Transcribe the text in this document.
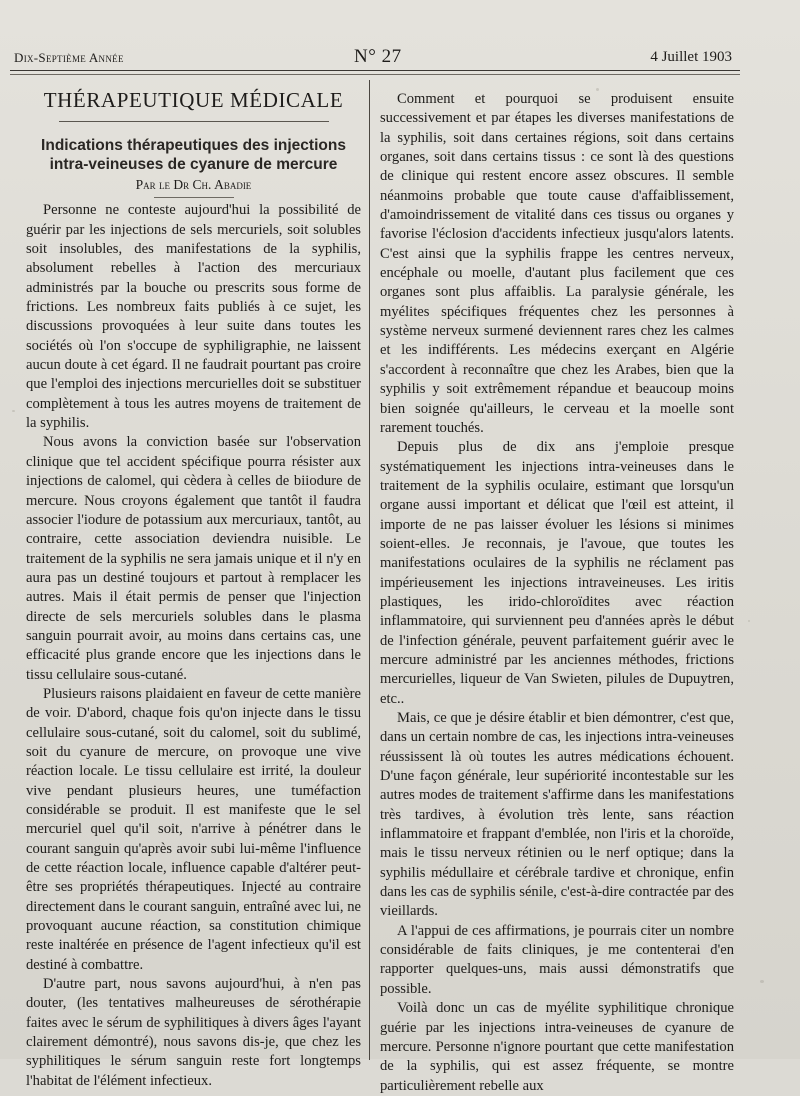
Dix-Septième Année	N° 27	4 Juillet 1903
THÉRAPEUTIQUE MÉDICALE
Indications thérapeutiques des injections
intra-veineuses de cyanure de mercure
Par le Dr Ch. Abadie

Personne ne conteste aujourd'hui la possibilité de guérir par les injections de sels mercuriels, soit solubles soit insolubles, des manifestations de la syphilis, absolument rebelles à l'action des mercuriaux administrés par la bouche ou prescrits sous forme de frictions. Les nombreux faits publiés à ce sujet, les discussions provoquées à leur suite dans toutes les sociétés où l'on s'occupe de syphiligraphie, ne laissent aucun doute à cet égard. Il ne faudrait pourtant pas croire que l'emploi des injections mercurielles doit se substituer complètement à tous les autres moyens de traitement de la syphilis.

Nous avons la conviction basée sur l'observation clinique que tel accident spécifique pourra résister aux injections de calomel, qui cèdera à celles de biiodure de mercure. Nous croyons également que tantôt il faudra associer l'iodure de potassium aux mercuriaux, tantôt, au contraire, cette association deviendra nuisible. Le traitement de la syphilis ne sera jamais unique et il n'y en aura pas un destiné toujours et partout à remplacer les autres. Mais il était permis de penser que l'injection directe de sels mercuriels solubles dans le plasma sanguin pourrait avoir, au moins dans certains cas, une efficacité plus grande encore que les injections dans le tissu cellulaire sous-cutané.

Plusieurs raisons plaidaient en faveur de cette manière de voir. D'abord, chaque fois qu'on injecte dans le tissu cellulaire sous-cutané, soit du calomel, soit du sublimé, soit du cyanure de mercure, on provoque une vive réaction locale. Le tissu cellulaire est irrité, la douleur vive pendant plusieurs heures, une tuméfaction considérable se produit. Il est manifeste que le sel mercuriel quel qu'il soit, n'arrive à pénétrer dans le courant sanguin qu'après avoir subi lui-même l'influence de cette réaction locale, influence capable d'altérer peut-être ses propriétés thérapeutiques. Injecté au contraire directement dans le courant sanguin, entraîné avec lui, ne provoquant aucune réaction, sa constitution chimique reste inaltérée en présence de l'agent infectieux qu'il est destiné à combattre.

D'autre part, nous savons aujourd'hui, à n'en pas douter, (les tentatives malheureuses de sérothérapie faites avec le sérum de syphilitiques à divers âges l'ayant clairement démontré), nous savons dis-je, que chez les syphilitiques le sérum sanguin reste fort longtemps l'habitat de l'élément infectieux.

Comment et pourquoi se produisent ensuite successivement et par étapes les diverses manifestations de la syphilis, soit dans certaines régions, soit dans certains organes, soit dans certains tissus : ce sont là des questions de clinique qui restent encore assez obscures. Il semble néanmoins probable que toute cause d'affaiblissement, d'amoindrissement de vitalité dans ces tissus ou organes y favorise l'éclosion d'accidents infectieux jusqu'alors latents. C'est ainsi que la syphilis frappe les centres nerveux, encéphale ou moelle, d'autant plus facilement que ces organes sont plus affaiblis. La paralysie générale, les myélites spécifiques fréquentes chez les personnes à système nerveux surmené deviennent rares chez les calmes et les indifférents. Les médecins exerçant en Algérie s'accordent à reconnaître que chez les Arabes, bien que la syphilis y soit extrêmement répandue et beaucoup moins bien soignée qu'ailleurs, le cerveau et la moelle sont rarement touchés.

Depuis plus de dix ans j'emploie presque systématiquement les injections intra-veineuses dans le traitement de la syphilis oculaire, estimant que lorsqu'un organe aussi important et délicat que l'œil est atteint, il importe de ne pas laisser évoluer les lésions si minimes soient-elles. Je reconnais, je l'avoue, que toutes les manifestations oculaires de la syphilis ne réclament pas impérieusement les injections intraveineuses. Les iritis plastiques, les irido-chloroïdites avec réaction inflammatoire, qui surviennent peu d'années après le début de l'infection générale, peuvent parfaitement guérir avec le mercure administré par les anciennes méthodes, frictions mercurielles, liqueur de Van Swieten, pilules de Dupuytren, etc..

Mais, ce que je désire établir et bien démontrer, c'est que, dans un certain nombre de cas, les injections intra-veineuses réussissent là où toutes les autres médications échouent. D'une façon générale, leur supériorité incontestable sur les autres modes de traitement s'affirme dans les manifestations très tardives, à évolution très lente, sans réaction inflammatoire et frappant d'emblée, non l'iris et la choroïde, mais le tissu nerveux rétinien ou le nerf optique; dans la syphilis médullaire et cérébrale tardive et chronique, enfin dans les cas de syphilis sénile, c'est-à-dire contractée par des vieillards.

A l'appui de ces affirmations, je pourrais citer un nombre considérable de faits cliniques, je me contenterai d'en rapporter quelques-uns, mais aussi démonstratifs que possible.

Voilà donc un cas de myélite syphilitique chronique guérie par les injections intra-veineuses de cyanure de mercure. Personne n'ignore pourtant que cette manifestation de la syphilis, qui est assez fréquente, se montre particulièrement rebelle aux
